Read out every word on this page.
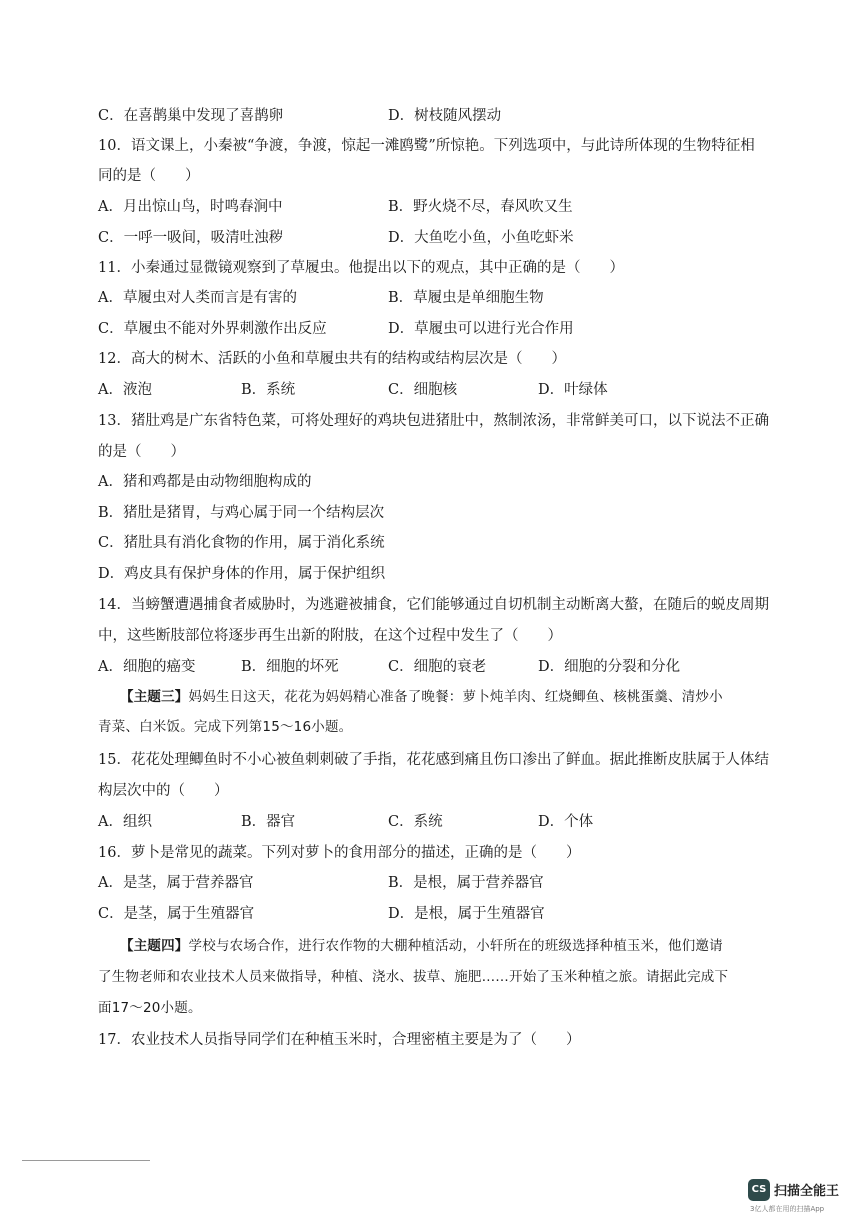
C．在喜鹊巢中发现了喜鹊卵	D．树枝随风摆动
10．语文课上，小秦被“争渡，争渡，惊起一滩鸥鹭”所惊艳。下列选项中，与此诗所体现的生物特征相
同的是（　　）
A．月出惊山鸟，时鸣春涧中	B．野火烧不尽，春风吹又生
C．一呼一吸间，吸清吐浊秽	D．大鱼吃小鱼，小鱼吃虾米
11．小秦通过显微镜观察到了草履虫。他提出以下的观点，其中正确的是（　　）
A．草履虫对人类而言是有害的	B．草履虫是单细胞生物
C．草履虫不能对外界刺激作出反应	D．草履虫可以进行光合作用
12．高大的树木、活跃的小鱼和草履虫共有的结构或结构层次是（　　）
A．液泡	B．系统	C．细胞核	D．叶绿体
13．猪肚鸡是广东省特色菜，可将处理好的鸡块包进猪肚中，熬制浓汤，非常鲜美可口，以下说法不正确
的是（　　）
A．猪和鸡都是由动物细胞构成的
B．猪肚是猪胃，与鸡心属于同一个结构层次
C．猪肚具有消化食物的作用，属于消化系统
D．鸡皮具有保护身体的作用，属于保护组织
14．当螃蟹遭遇捕食者威胁时，为逃避被捕食，它们能够通过自切机制主动断离大螯，在随后的蜕皮周期
中，这些断肢部位将逐步再生出新的附肢，在这个过程中发生了（　　）
A．细胞的癌变	B．细胞的坏死	C．细胞的衰老	D．细胞的分裂和分化
【主题三】妈妈生日这天，花花为妈妈精心准备了晚餐：萝卜炖羊肉、红烧鲫鱼、核桃蛋羹、清炒小
青菜、白米饭。完成下列第15～16小题。
15．花花处理鲫鱼时不小心被鱼刺刺破了手指，花花感到痛且伤口渗出了鲜血。据此推断皮肤属于人体结
构层次中的（　　）
A．组织	B．器官	C．系统	D．个体
16．萝卜是常见的蔬菜。下列对萝卜的食用部分的描述，正确的是（　　）
A．是茎，属于营养器官	B．是根，属于营养器官
C．是茎，属于生殖器官	D．是根，属于生殖器官
【主题四】学校与农场合作，进行农作物的大棚种植活动，小轩所在的班级选择种植玉米，他们邀请
了生物老师和农业技术人员来做指导，种植、浇水、拔草、施肥……开始了玉米种植之旅。请据此完成下
面17～20小题。
17．农业技术人员指导同学们在种植玉米时，合理密植主要是为了（　　）
CS 扫描全能王
3亿人都在用的扫描App
